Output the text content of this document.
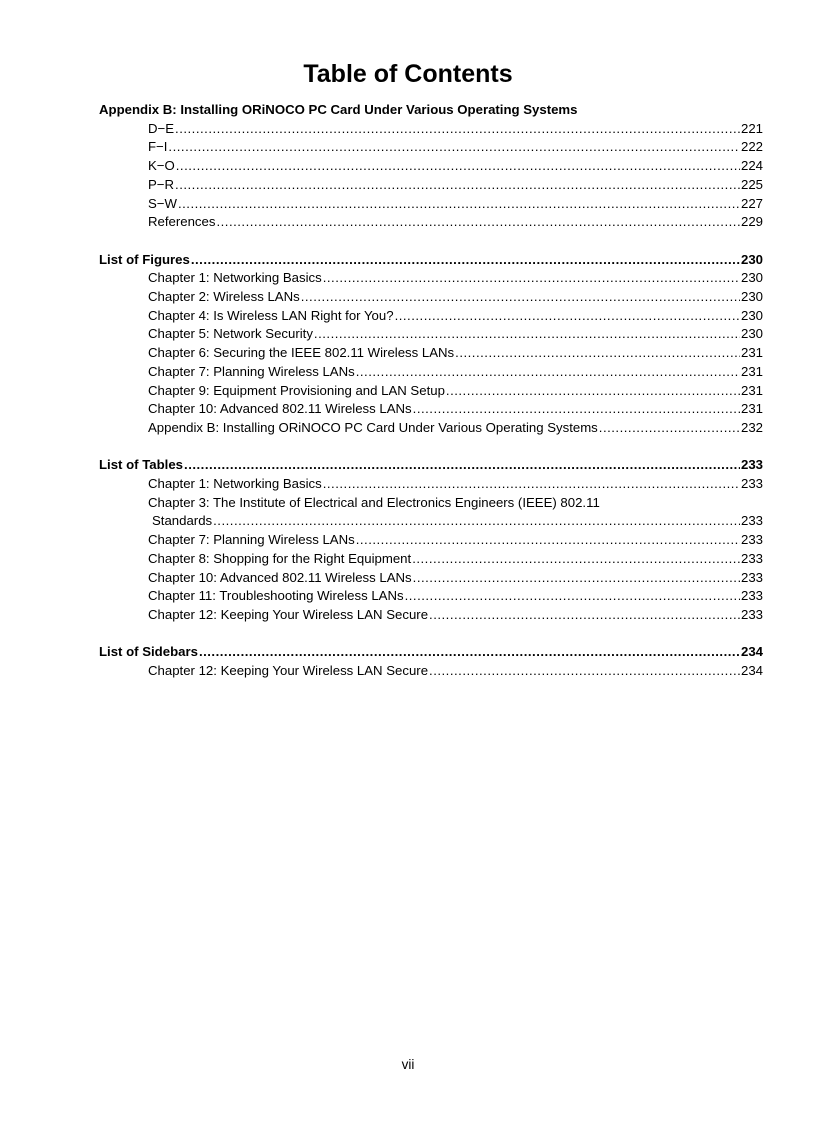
Table of Contents
Appendix B: Installing ORiNOCO PC Card Under Various Operating Systems
D−E .....	221
F−I .....	222
K−O .....	224
P−R .....	225
S−W .....	227
References .....	229
List of Figures .....	230
Chapter 1: Networking Basics .....	230
Chapter 2: Wireless LANs .....	230
Chapter 4: Is Wireless LAN Right for You? .....	230
Chapter 5: Network Security .....	230
Chapter 6: Securing the IEEE 802.11 Wireless LANs .....	231
Chapter 7: Planning Wireless LANs .....	231
Chapter 9: Equipment Provisioning and LAN Setup .....	231
Chapter 10: Advanced 802.11 Wireless LANs .....	231
Appendix B: Installing ORiNOCO PC Card Under Various Operating Systems .....	232
List of Tables .....	233
Chapter 1: Networking Basics .....	233
Chapter 3: The Institute of Electrical and Electronics Engineers (IEEE) 802.11
Standards .....	233
Chapter 7: Planning Wireless LANs .....	233
Chapter 8: Shopping for the Right Equipment .....	233
Chapter 10: Advanced 802.11 Wireless LANs .....	233
Chapter 11: Troubleshooting Wireless LANs .....	233
Chapter 12: Keeping Your Wireless LAN Secure .....	233
List of Sidebars .....	234
Chapter 12: Keeping Your Wireless LAN Secure .....	234
vii
